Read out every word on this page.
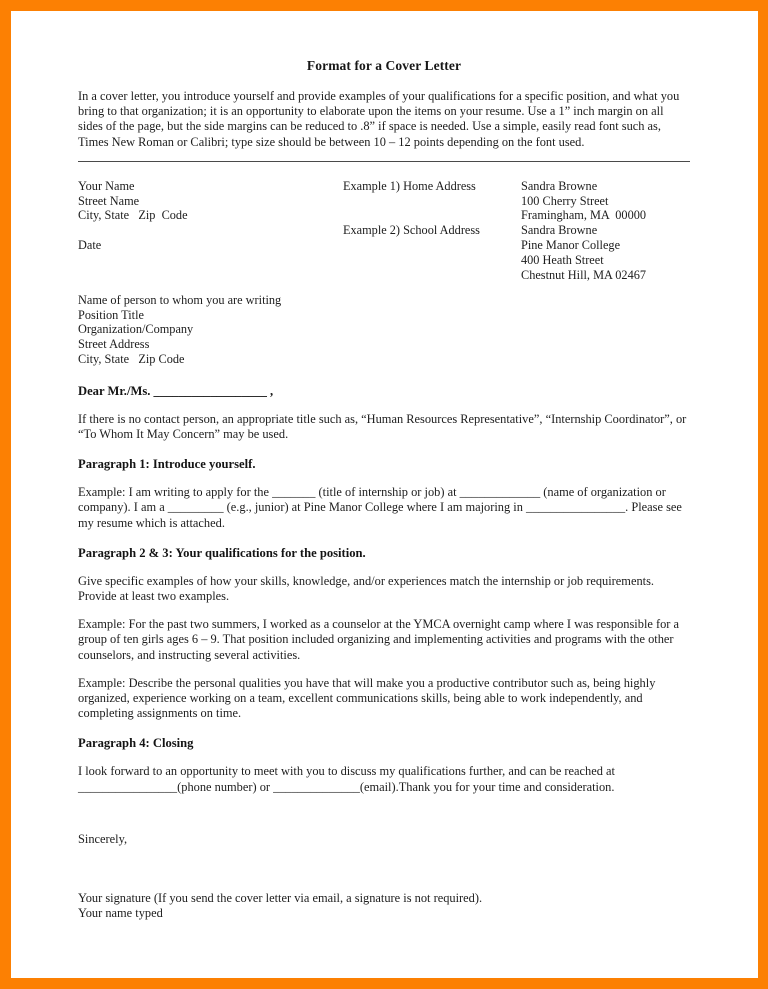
Format for a Cover Letter

In a cover letter, you introduce yourself and provide examples of your qualifications for a specific position, and what you bring to that organization; it is an opportunity to elaborate upon the items on your resume. Use a 1” inch margin on all sides of the page, but the side margins can be reduced to .8” if space is needed. Use a simple, easily read font such as, Times New Roman or Calibri; type size should be between 10 – 12 points depending on the font used.

Your Name
Street Name
City, State   Zip  Code
Date
Example 1) Home Address
Example 2) School Address
Sandra Browne
100 Cherry Street
Framingham, MA  00000
Sandra Browne
Pine Manor College
400 Heath Street
Chestnut Hill, MA 02467
Name of person to whom you are writing
Position Title
Organization/Company
Street Address
City, State   Zip Code
Dear Mr./Ms. __________________ ,

If there is no contact person, an appropriate title such as, “Human Resources Representative”, “Internship Coordinator”, or “To Whom It May Concern” may be used.

Paragraph 1: Introduce yourself.

Example: I am writing to apply for the _______ (title of internship or job) at _____________ (name of organization or company). I am a _________ (e.g., junior) at Pine Manor College where I am majoring in ________________. Please see my resume which is attached.

Paragraph 2 & 3: Your qualifications for the position.

Give specific examples of how your skills, knowledge, and/or experiences match the internship or job requirements. Provide at least two examples.

Example: For the past two summers, I worked as a counselor at the YMCA overnight camp where I was responsible for a group of ten girls ages 6 – 9. That position included organizing and implementing activities and programs with the other counselors, and instructing several activities.

Example: Describe the personal qualities you have that will make you a productive contributor such as, being highly organized, experience working on a team, excellent communications skills, being able to work independently, and completing assignments on time.

Paragraph 4: Closing

I look forward to an opportunity to meet with you to discuss my qualifications further, and can be reached at ________________(phone number) or ______________(email).Thank you for your time and consideration.

Sincerely,
Your signature (If you send the cover letter via email, a signature is not required).
Your name typed
